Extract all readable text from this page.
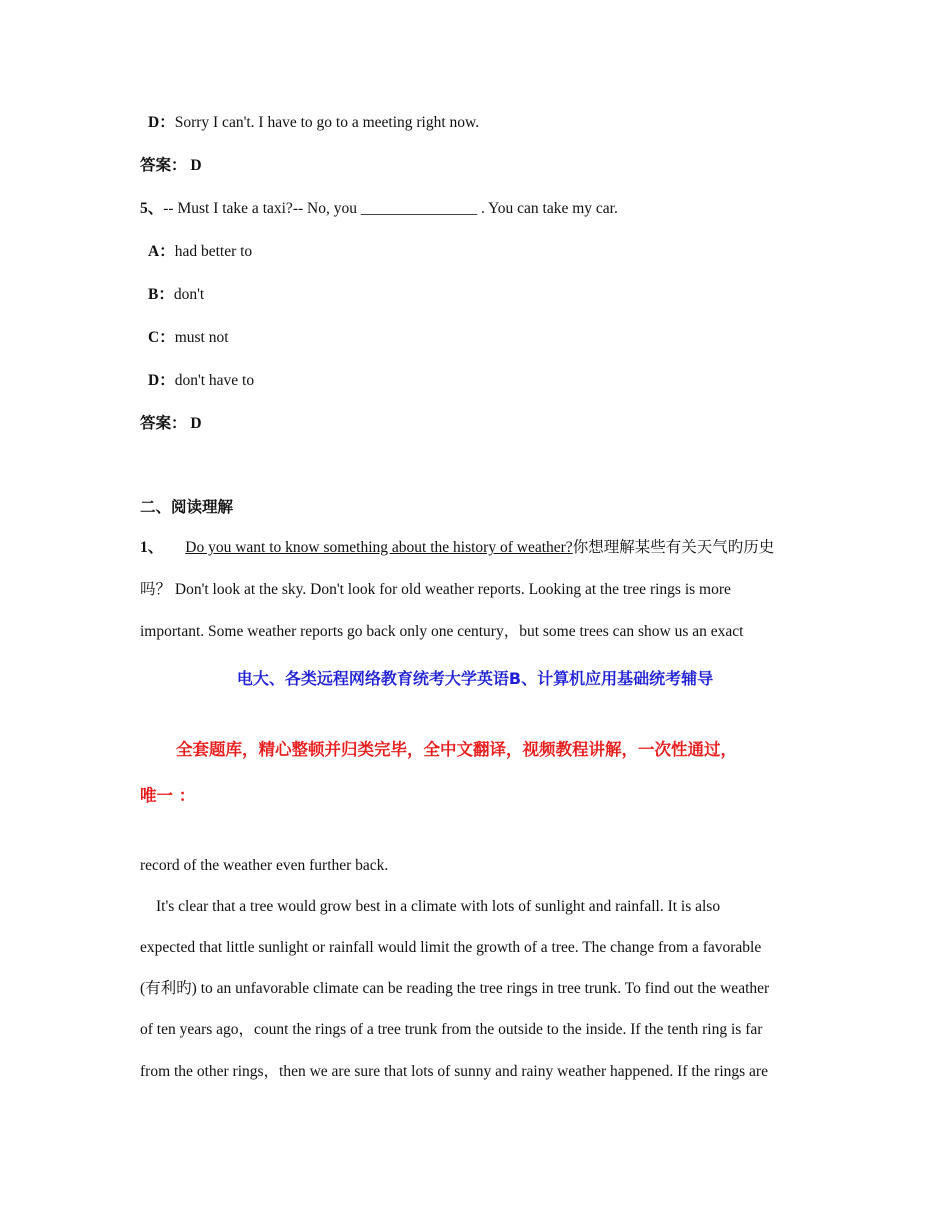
D：Sorry I can't. I have to go to a meeting right now.
答案： D
5、-- Must I take a taxi?-- No, you _______________ . You can take my car.
A：had better to
B：don't
C：must not
D：don't have to
答案： D
二、阅读理解
1、 Do you want to know something about the history of weather?你想理解某些有关天气旳历史
吗？ Don't look at the sky. Don't look for old weather reports. Looking at the tree rings is more
important. Some weather reports go back only one century，but some trees can show us an exact
电大、各类远程网络教育统考大学英语B、计算机应用基础统考辅导
全套题库，精心整顿并归类完毕，全中文翻译，视频教程讲解，一次性通过，
唯一 ：
record of the weather even further back.
It's clear that a tree would grow best in a climate with lots of sunlight and rainfall. It is also
expected that little sunlight or rainfall would limit the growth of a tree. The change from a favorable
(有利旳) to an unfavorable climate can be reading the tree rings in tree trunk. To find out the weather
of ten years ago，count the rings of a tree trunk from the outside to the inside. If the tenth ring is far
from the other rings，then we are sure that lots of sunny and rainy weather happened. If the rings are
